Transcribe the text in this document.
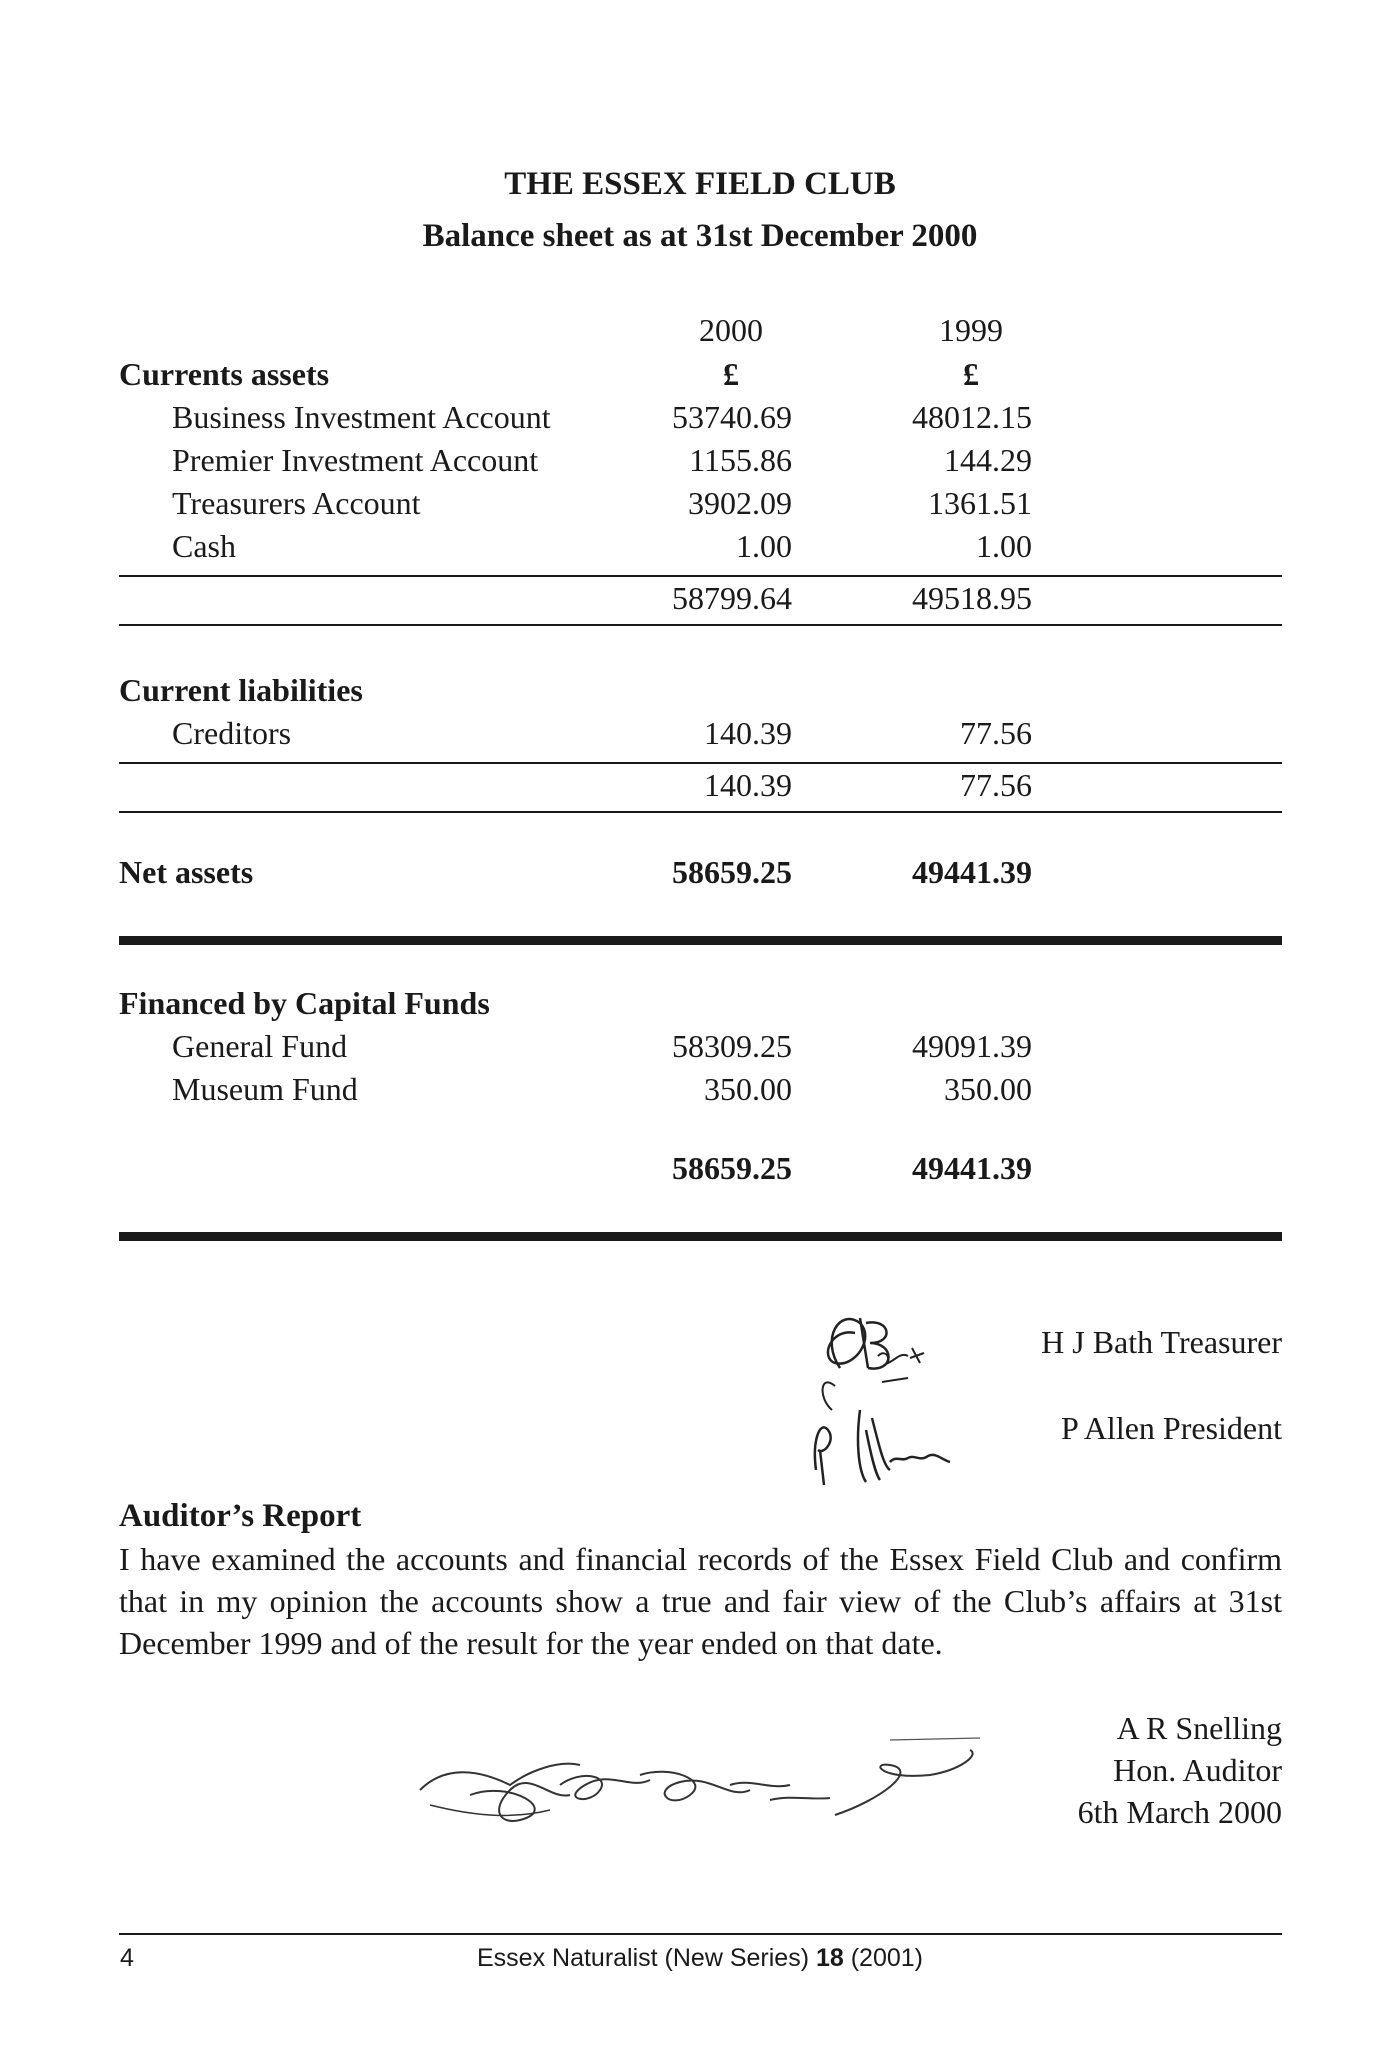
THE ESSEX FIELD CLUB
Balance sheet as at 31st December 2000
2000	1999
Currents assets	£	£
Business Investment Account	53740.69	48012.15
Premier Investment Account	1155.86	144.29
Treasurers Account	3902.09	1361.51
Cash	1.00	1.00
58799.64	49518.95
Current liabilities
Creditors	140.39	77.56
140.39	77.56
Net assets	58659.25	49441.39
Financed by Capital Funds
General Fund	58309.25	49091.39
Museum Fund	350.00	350.00
58659.25	49441.39
H J Bath Treasurer
P Allen President
Auditor’s Report
I have examined the accounts and financial records of the Essex Field Club and confirm that in my opinion the accounts show a true and fair view of the Club’s affairs at 31st December 1999 and of the result for the year ended on that date.
A R Snelling
Hon. Auditor
6th March 2000
4	Essex Naturalist (New Series) 18 (2001)
